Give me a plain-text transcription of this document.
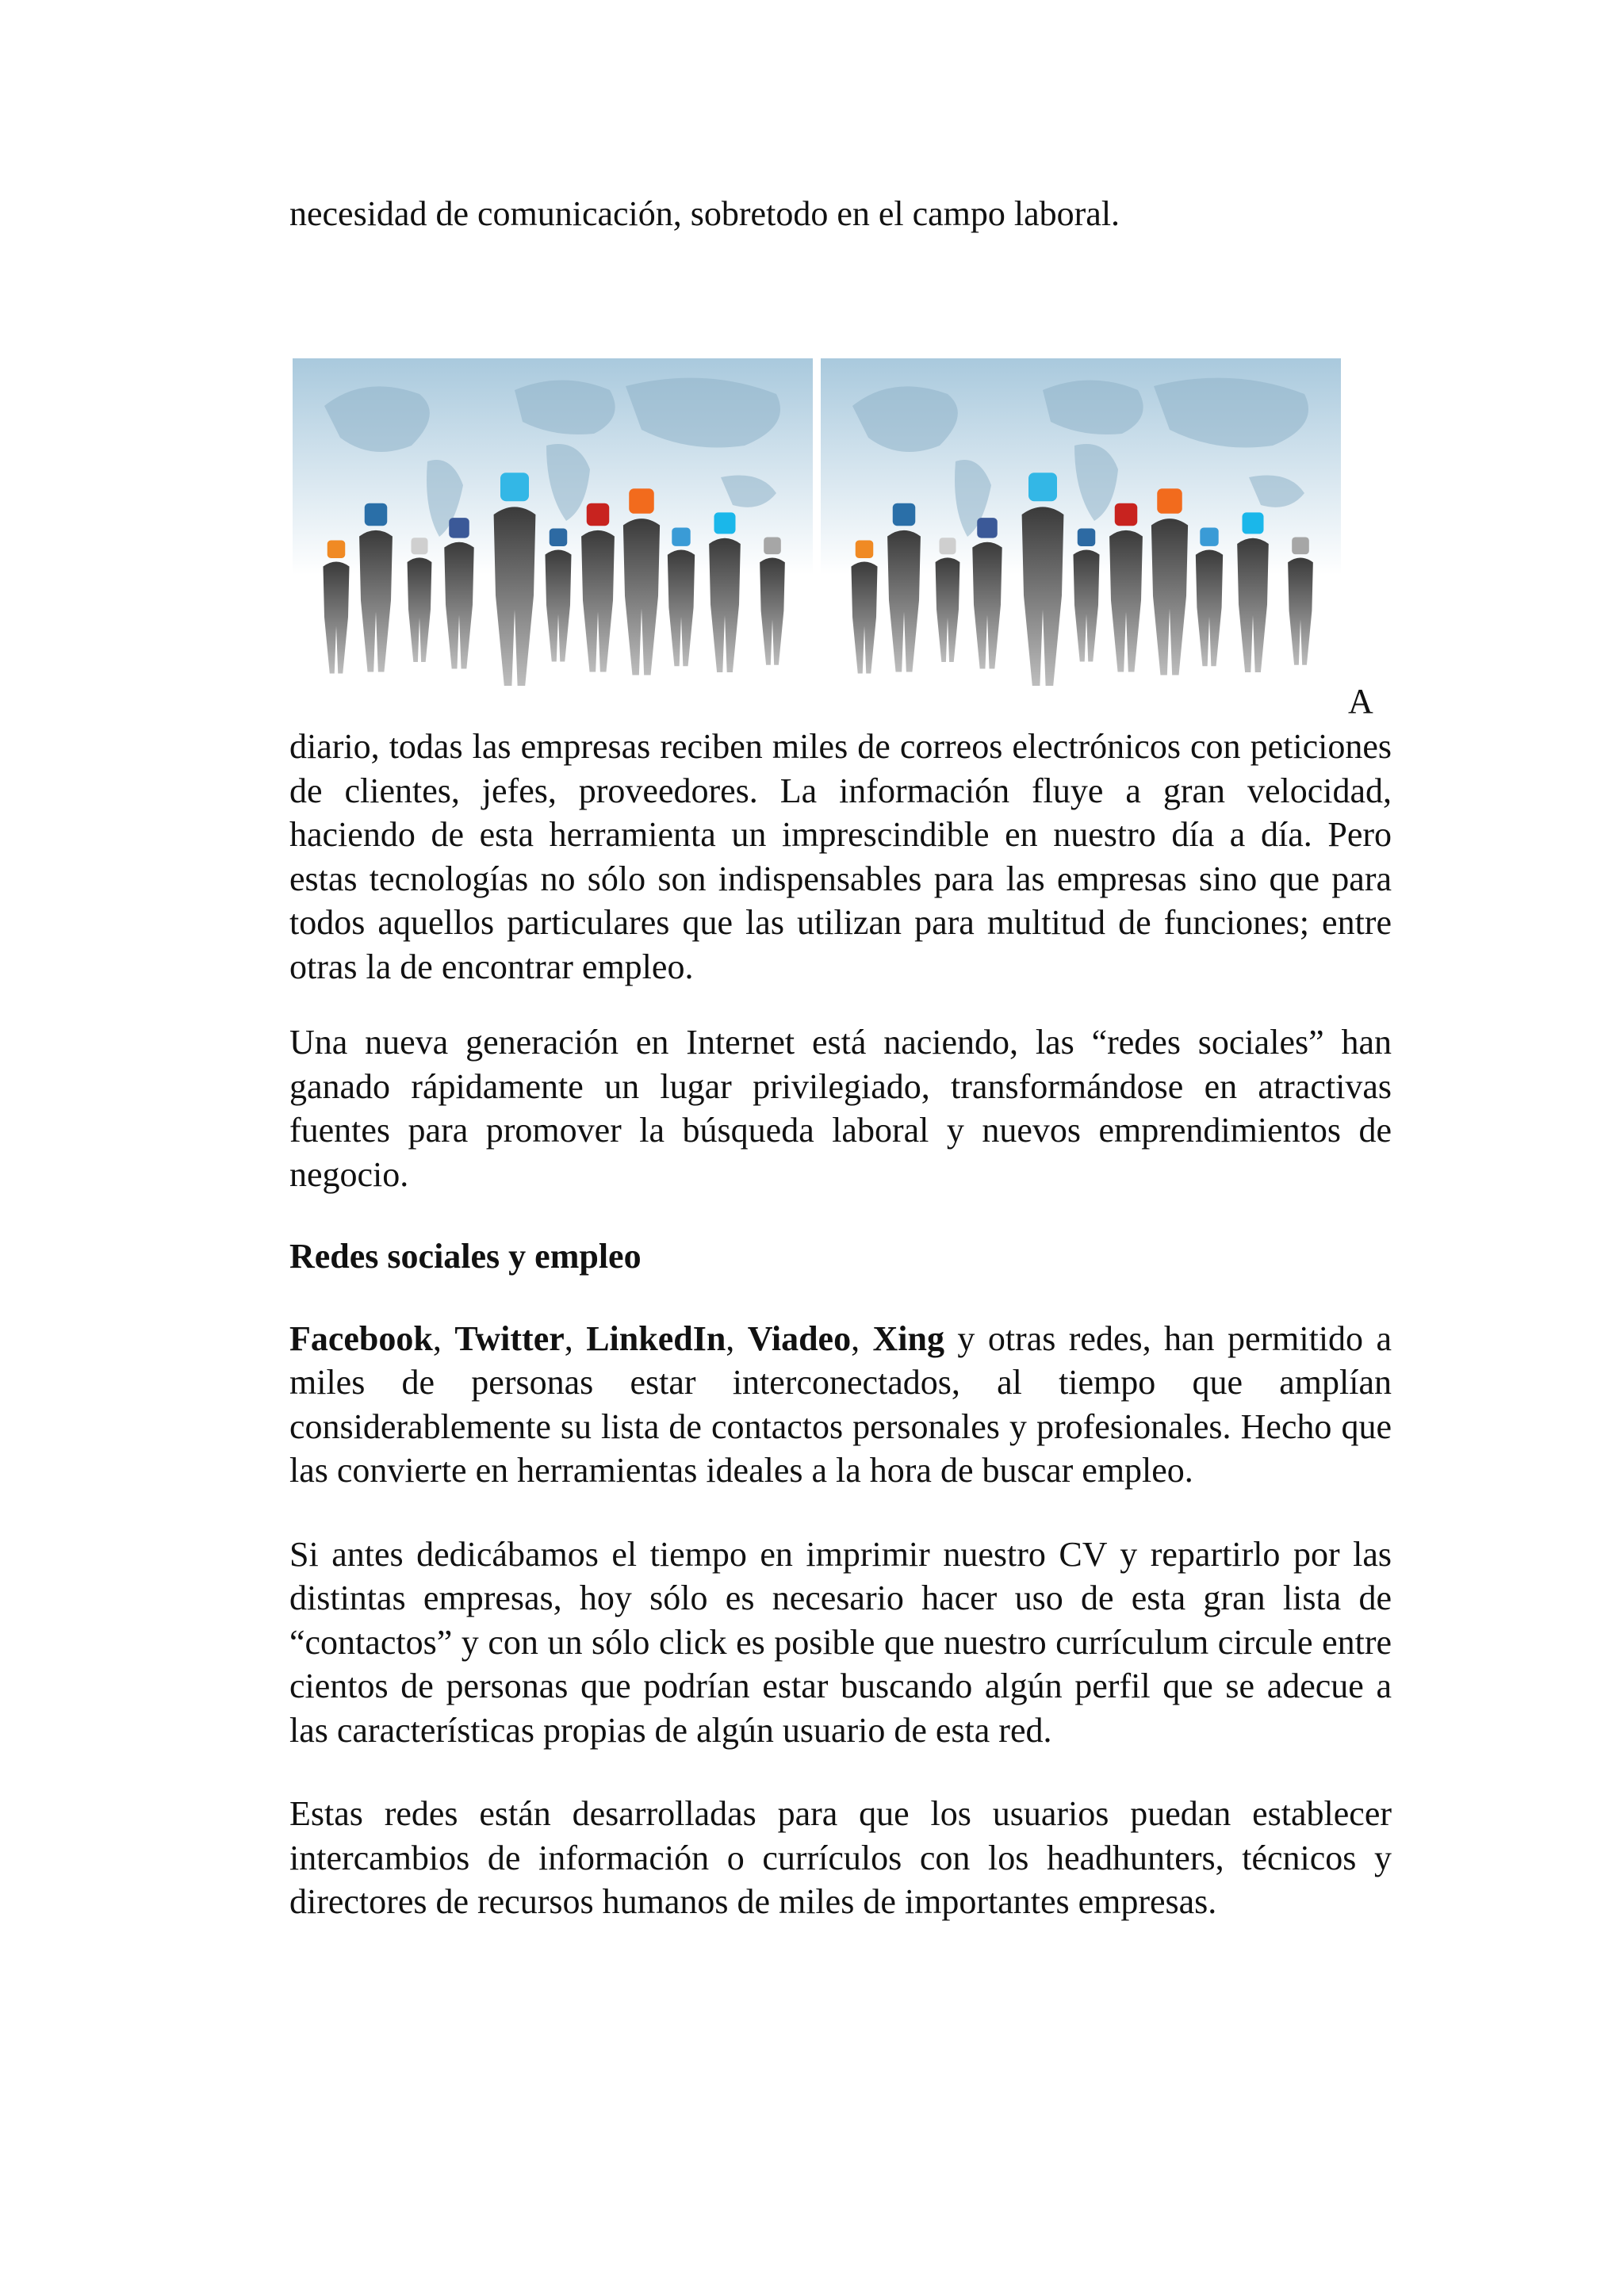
necesidad de comunicación, sobretodo en el campo laboral.

A

diario, todas las empresas reciben miles de correos electrónicos con peticiones de clientes, jefes, proveedores. La información fluye a gran velocidad, haciendo de esta herramienta un imprescindible en nuestro día a día. Pero estas tecnologías no sólo son indispensables para las empresas sino que para todos aquellos particulares que las utilizan para multitud de funciones; entre otras la de encontrar empleo.

Una nueva generación en Internet está naciendo, las “redes sociales” han ganado rápidamente un lugar privilegiado, transformándose en atractivas fuentes para promover la búsqueda laboral y nuevos emprendimientos de negocio.

Redes sociales y empleo

Facebook, Twitter, LinkedIn, Viadeo, Xing y otras redes, han permitido a miles de personas estar interconectados, al tiempo que amplían considerablemente su lista de contactos personales y profesionales. Hecho que las convierte en herramientas ideales a la hora de buscar empleo.

Si antes dedicábamos el tiempo en imprimir nuestro CV y repartirlo por las distintas empresas, hoy sólo es necesario hacer uso de esta gran lista de “contactos” y con un sólo click es posible que nuestro currículum circule entre cientos de personas que podrían estar buscando algún perfil que se adecue a las características propias de algún usuario de esta red.

Estas redes están desarrolladas para que los usuarios puedan establecer intercambios de información o currículos con los headhunters, técnicos y directores de recursos humanos de miles de importantes empresas.
